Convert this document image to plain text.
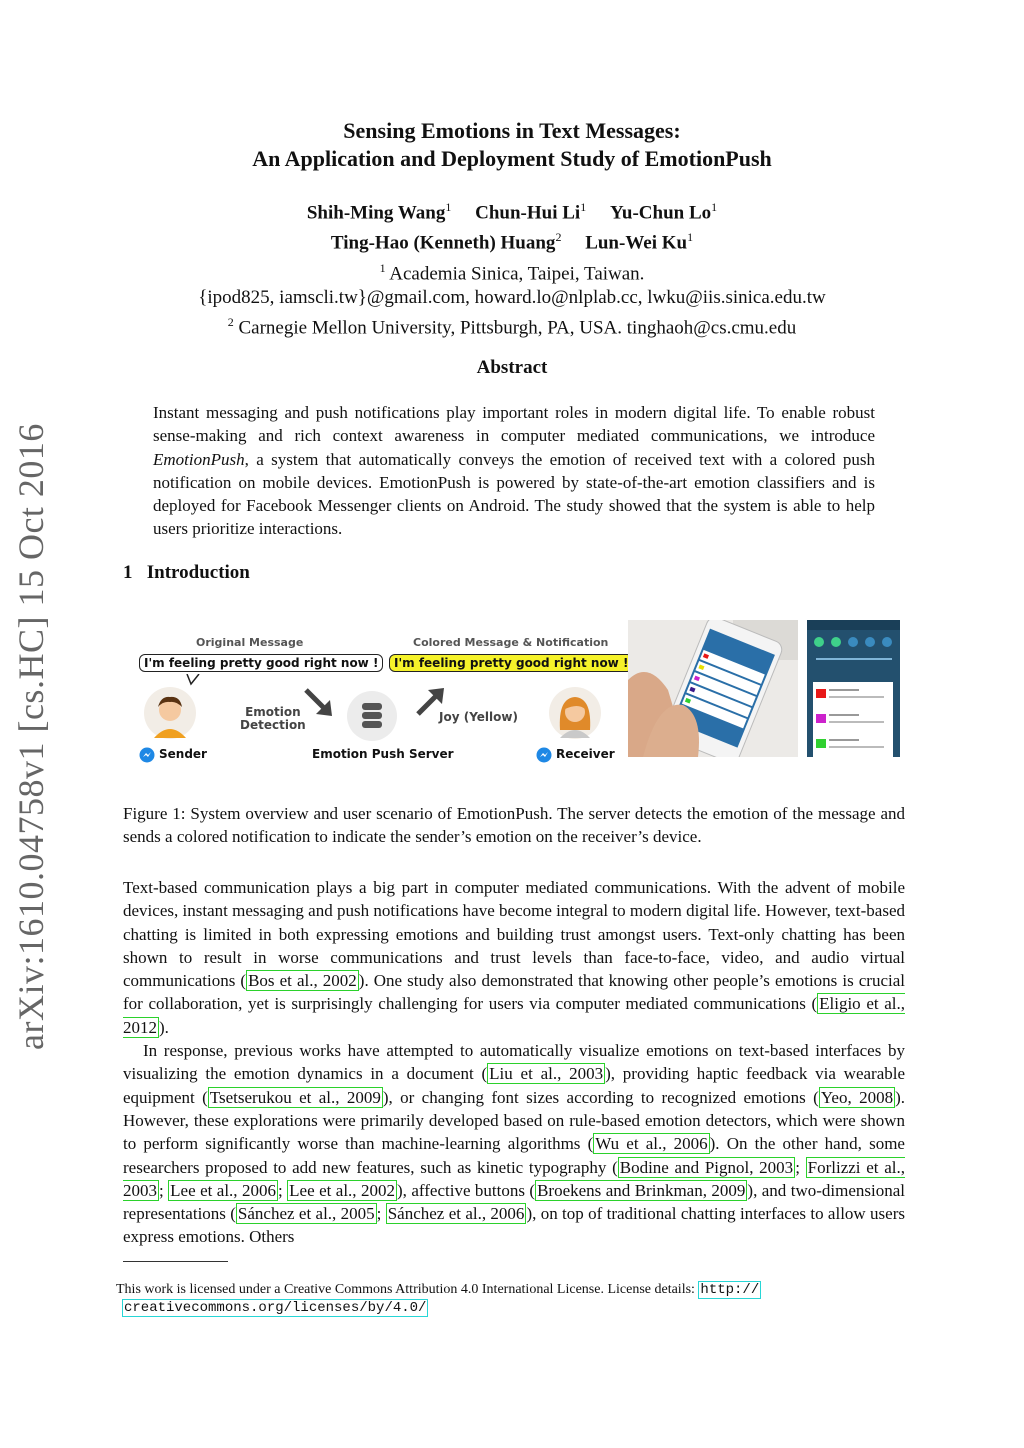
arXiv:1610.04758v1 [cs.HC] 15 Oct 2016
Sensing Emotions in Text Messages:
An Application and Deployment Study of EmotionPush
Shih-Ming Wang$^1$ Chun-Hui Li$^1$ Yu-Chun Lo$^1$
Ting-Hao (Kenneth) Huang$^2$ Lun-Wei Ku$^1$
$^1$ Academia Sinica, Taipei, Taiwan.
{ipod825, iamscli.tw}@gmail.com, howard.lo@nlplab.cc, lwku@iis.sinica.edu.tw
$^2$ Carnegie Mellon University, Pittsburgh, PA, USA. tinghaoh@cs.cmu.edu
Abstract
Instant messaging and push notifications play important roles in modern digital life. To enable robust sense-making and rich context awareness in computer mediated communications, we introduce EmotionPush, a system that automatically conveys the emotion of received text with a colored push notification on mobile devices. EmotionPush is powered by state-of-the-art emotion classifiers and is deployed for Facebook Messenger clients on Android. The study showed that the system is able to help users prioritize interactions.
1 Introduction
Original Message	Colored Message & Notification
I'm feeling pretty good right now !	I'm feeling pretty good right now !
Emotion
Detection
Joy (Yellow)
Sender	Emotion Push Server	Receiver
Figure 1: System overview and user scenario of EmotionPush. The server detects the emotion of the message and sends a colored notification to indicate the sender’s emotion on the receiver’s device.

Text-based communication plays a big part in computer mediated communications. With the advent of mobile devices, instant messaging and push notifications have become integral to modern digital life. However, text-based chatting is limited in both expressing emotions and building trust amongst users. Text-only chatting has been shown to result in worse communications and trust levels than face-to-face, video, and audio virtual communications ( Bos et al., 2002 ). One study also demonstrated that knowing other people’s emotions is crucial for collaboration, yet is surprisingly challenging for users via computer mediated communications ( Eligio et al., 2012 ).

In response, previous works have attempted to automatically visualize emotions on text-based interfaces by visualizing the emotion dynamics in a document ( Liu et al., 2003 ), providing haptic feedback via wearable equipment ( Tsetserukou et al., 2009 ), or changing font sizes according to recognized emotions ( Yeo, 2008 ). However, these explorations were primarily developed based on rule-based emotion detectors, which were shown to perform significantly worse than machine-learning algorithms ( Wu et al., 2006 ). On the other hand, some researchers proposed to add new features, such as kinetic typography ( Bodine and Pignol, 2003 ; Forlizzi et al., 2003 ; Lee et al., 2006 ; Lee et al., 2002 ), affective buttons ( Broekens and Brinkman, 2009 ), and two-dimensional representations ( Sánchez et al., 2005 ; Sánchez et al., 2006 ), on top of traditional chatting interfaces to allow users express emotions. Others

This work is licensed under a Creative Commons Attribution 4.0 International License. License details: http://
creativecommons.org/licenses/by/4.0/
